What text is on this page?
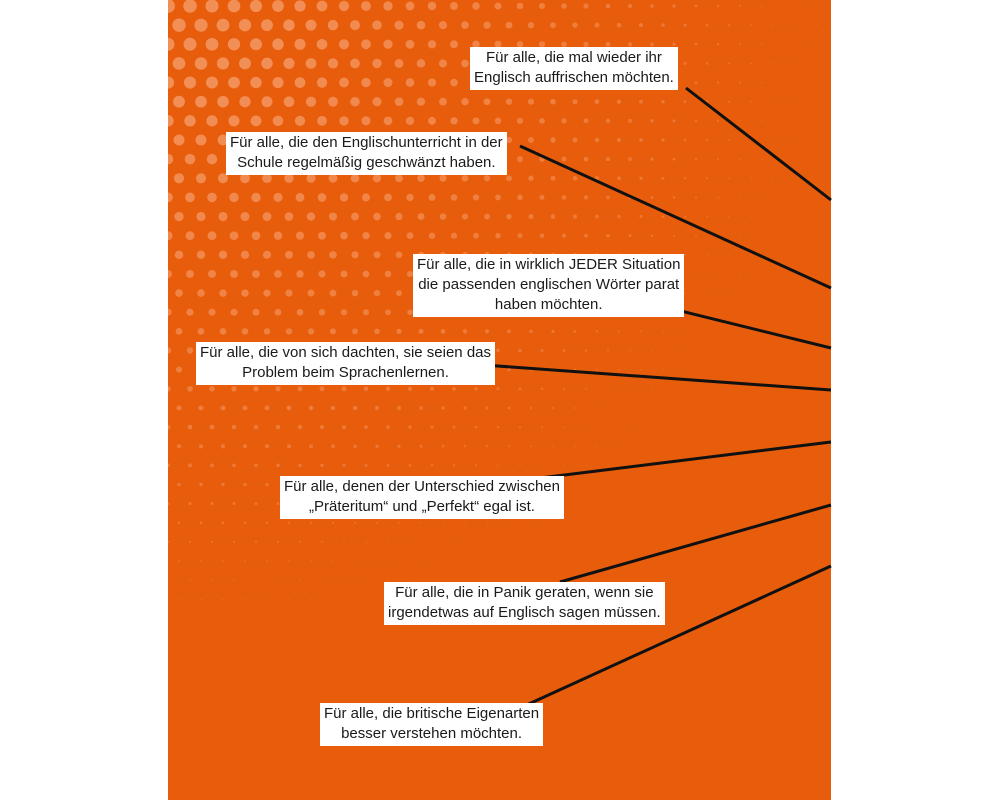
Für alle, die mal wieder ihr
Englisch auffrischen möchten.
Für alle, die den Englischunterricht in der
Schule regelmäßig geschwänzt haben.
Für alle, die in wirklich JEDER Situation
die passenden englischen Wörter parat
haben möchten.
Für alle, die von sich dachten, sie seien das
Problem beim Sprachenlernen.
Für alle, denen der Unterschied zwischen
„Präteritum“ und „Perfekt“ egal ist.
Für alle, die in Panik geraten, wenn sie
irgendetwas auf Englisch sagen müssen.
Für alle, die britische Eigenarten
besser verstehen möchten.
